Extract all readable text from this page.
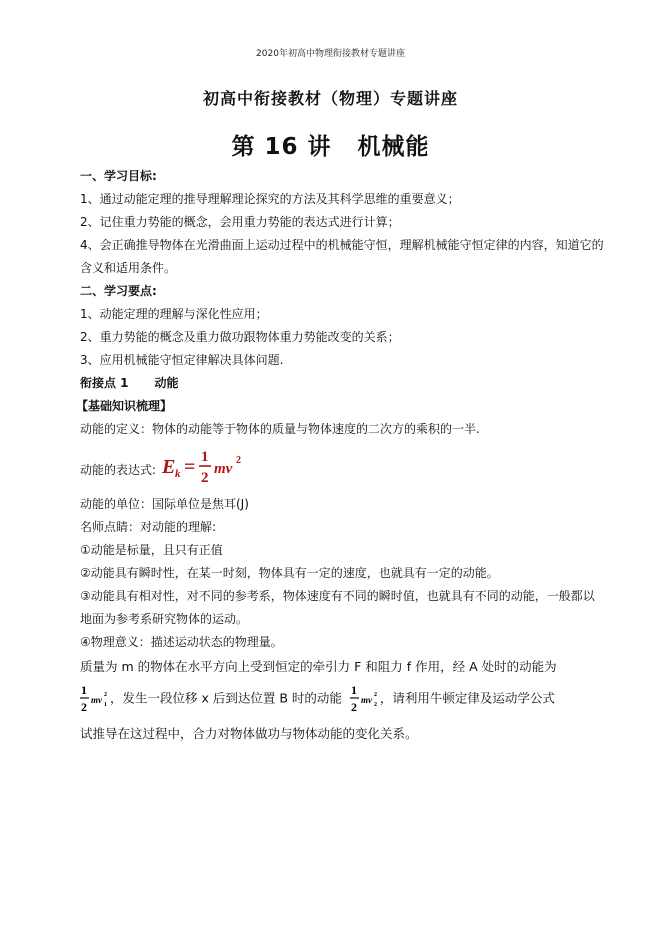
2020年初高中物理衔接教材专题讲座
初高中衔接教材（物理）专题讲座
第 16 讲 机械能
一、学习目标:
1、通过动能定理的推导理解理论探究的方法及其科学思维的重要意义；
2、记住重力势能的概念，会用重力势能的表达式进行计算；
4、会正确推导物体在光滑曲面上运动过程中的机械能守恒，理解机械能守恒定律的内容，知道它的
含义和适用条件。
二、学习要点:
1、动能定理的理解与深化性应用；
2、重力势能的概念及重力做功跟物体重力势能改变的关系；
3、应用机械能守恒定律解决具体问题.
衔接点 1 动能
【基础知识梳理】
动能的定义：物体的动能等于物体的质量与物体速度的二次方的乘积的一半.
动能的表达式: E k = 1
2
mv
2
动能的单位：国际单位是焦耳(J)
名师点睛：对动能的理解:
①动能是标量，且只有正值
②动能具有瞬时性，在某一时刻，物体具有一定的速度，也就具有一定的动能。
③动能具有相对性，对不同的参考系，物体速度有不同的瞬时值，也就具有不同的动能，一般都以
地面为参考系研究物体的运动。
④物理意义：描述运动状态的物理量。
质量为 m 的物体在水平方向上受到恒定的牵引力 F 和阻力 f 作用，经 A 处时的动能为
1
2 mv 2
1 ，发生一段位移 x 后到达位置 B 时的动能
1
2 mv 2
2 ，请利用牛顿定律及运动学公式
试推导在这过程中，合力对物体做功与物体动能的变化关系。
